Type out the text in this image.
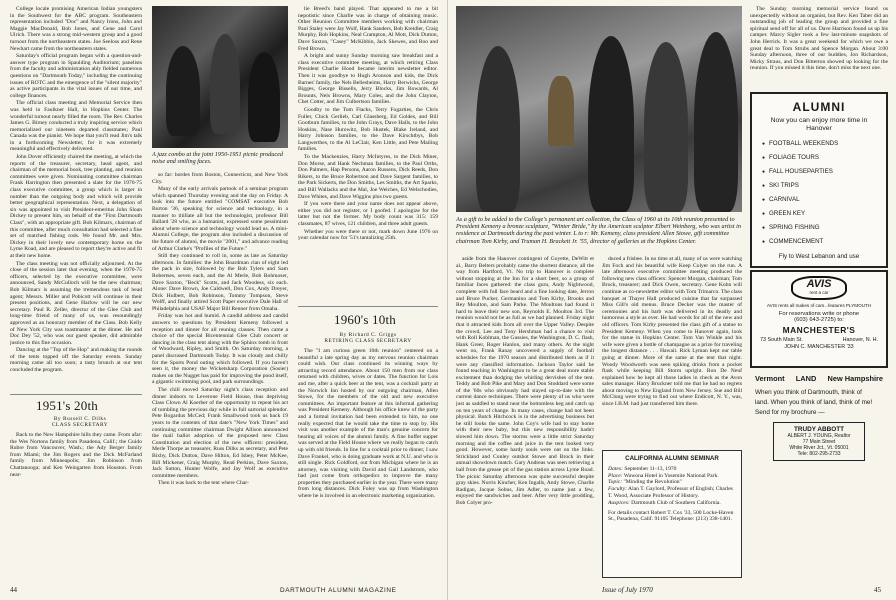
College locale promising American Indian youngsters in the Southwest for the ABC program. Southeastern representation included "Doc" and Nancy Irons, John and Maggie MacDonald, Bob Jones, and Gene and Carol Ulrich. There was a strong mid-western group and a good turnout from the northeastern states. Joe Seeloss and Rene Newhart came from the northeastern states.

Saturday's official program began with a question-and-answer type program in Spaulding Auditorium; panelists from the faculty and administration ably fielded numerous questions on "Dartmouth Today," including the continuing issues of ROTC and the emergence of the "silent majority" as active participants in the vital issues of our time, and college finances.

The official class meeting and Memorial Service then was held in Faulkner Hall, in Hopkins Center. The wonderful turnout nearly filled the room. The Rev. Charles James G. Birney conducted a truly inspiring service which memorialized our nineteen departed classmates; Paul Canada was the pianist. We hope that you'll read Jim's talk in a forthcoming Newsletter, for it was extremely meaningful and effectively delivered.

John Dover efficiently chaired the meeting, at which the reports of the treasurer, secretary, head agent, and chairman of the memorial book, tree planting, and reunion committees were given. Nominating committee chairman Frank Harrington then presented a slate for the 1970-75 class executive committee, a group which is larger in number than the outgoing body and which will provide better geographical representation. Next, a delegation of six was appointed to visit President-emeritus John Sloan Dickey to present him, on behalf of the "First Dartmouth Class", with an appropriate gift. Bob Kilmarx, chairman of this committee, after much consultation had selected a fine set of matched fishing rods. We found Mr. and Mrs. Dickey in their lovely new contemporary home on the Lyme Road, and are pleased to report they're active and fit at their new home.

The class meeting was not officially adjourned. At the close of the session later that evening, when the 1970-75 officers, selected by the executive committee, were announced, Sandy McCulloch will be the new chairman; Bob Kilmarx is assuming the tremendous task of head agent; Messrs. Miller and Pobicott will continue in their present positions, and Gene Harlow will be our new secretary. Paul R. Zeller, director of the Glee Club and long-time friend of many of us, was resoundingly approved as an honorary member of the Class. Bob Kelly of New York City was toastmaster at the dinner. He and Doc Dey '52, who was our guest speaker, did admirable justice to this fine occasion.

Dancing at the "Top of the Hop" and making the rounds of the tents topped off the Saturday events. Sunday morning came all too soon; a tasty brunch at our tent concluded the program.

1951's 20th
By Russell C. Dilks
CLASS SECRETARY

Back to the New Hampshire hills they came. From afar: the Wes Nortons family from Pasadena, Calif.; the Guido Rubre from Vancouver, Wash.; the Ady Berger family from Miami; the Jim Rogers and the Dick McFarland family from Minneapolis; Jim Robinson from Chattanooga; and Ken Weingarten from Houston. From near-

A jazz combo at the joint 1950-1951 picnic produced noise and smiling faces.

so far: hordes from Boston, Connecticut, and New York City.

Many of the early arrivals partook of a seminar program which spanned Thursday evening and the day on Friday. A look into the future entitled "COMSAT executive Bob Burton '36, speaking for science and technology, in a manner to titillate all but the technologist, professor Bill Ballard '28 who, as a humanist, expressed some pessimism about where science and technology would lead us. A mini-Alumni College, the program also included a discussion of the future of alumni, the movie "2001," and advance reading of Arthur Clarke's "Profiles of the Future."

Still they continued to roll in, some as late as Saturday afternoon. In families: the John Boardman clan of eight led the pack in size, followed by the Bob Tylers and Sam Robertses, seven each, and the Al Merle, Bob Rohmoser, Dave Saxton, "Beck" Scotts, and Jack Woodess, six each. Alone: Dave Brown, Joe Caldwell, Don Cox, Andy Dreyer, Dick Hulbert, Bob Robinson, Tommy Tompson, Steve Wolff, and finally attired Scott Paper executive Dale Hall of Philadelphia and USAF Major Bill Renner from Omaha.

Friday was hot and humid. A candid address and candid answers to questions by President Kemeny followed a reception and dinner for all reuning classes. Then came a choice of the special Bicentennial Glee Club concert or dancing in the class tent along with the Sphinx tomb in front of Woodward, Ripley, and Smith. On Saturday morning, a panel discussed Dartmouth Today. It was cloudy and chilly for the Sports Pond outing which followed. If you haven't seen it, the money the Wicketsharp Corporation (Sosier) makes on the Nugget has paid for improving the pond itself, a gigantic swimming pool, and park surroundings.

The chill moved Saturday night's class reception and dinner indoors to Leverone Field House, thus depriving Class Clown Al Koerber of the opportunity to repeat his act of tumbling the previous day while in full sartorial splendor. Pete Bogardus McCed; Frank Smallwood took us back 19 years to the contents of that date's "New York Times" and continuing committee chairman Dwight Allison announced the mail ballot adoption of the proposed new Class Constitution and election of the new officers: president, Merle Thorpe as treasurer, Russ Dilks as secretary, and Pete Bixby, Dick Dutton, Dave Hilton, Ed Isbey, Peter McKee, Bill Mickener, Craig Murphy, Read Perkins, Dave Saxton, Jack Sutton, Hunter Wolfe, and Jay Wolf as executive committee members.

Then it was back to the tent where Char-

lie Breed's band played. That appeared to me a bit nepotistic since Charlie was in charge of obtaining music. Other Reunion Committee members working with chairman Paul Staley were Jay Wolf, Hank Sanders, Bob Kreidler, Craig Murphy, Bob Hopkins, Neal Crampton, Al Mott, Dick Dutton, Dave Saxton, "Casey" McKibbin, Jack Skewes, and Roo and Fred Brown.

A bright and sunny Sunday morning saw breakfast and a class executive committee meeting, at which retiring Class President Charlie Hood became interim newsletter editor. Then it was goodbye to Hugh Aronson and kids, the Dick Barnes' family, the Nels Bellesheims, Harry Berwicks, George Bigges, George Bissells, Jerry Blocks, Jim Bowards, Al Brounts, Nels Browns, Mary Coles, and the John Clayton, Chet Cotter, and Jim Culbertson families.

Goodby to the Tom Flacks, Terry Fogarties, the Chris Fuller, Chick Gerlieb, Carl Glassberg, Ed Goldes, and Bill Gootburn families, to the John Grays, Dave Halls, to the John Hoskins, Nase Hurowitz, Bob Hustek, Blake Ireland, and Harry Johnson families, to the Dave Kirschtbys, Bob Langwerthes, to the Al LeClair, Ken Little, and Pete Mailing families.

To the Mackenzies, Harry McIntyres, to the Dick Miner, Don Morse, and Hank Nechman families, to the Paul Orths, Don Palmers, Hap Persons, Aaron Russens, Dick Reeds, Don Rikers, to the Bruce Robertson and Dave Sargent families, to the Park Sickerts, the Don Smiths, Les Smiths, the Art Sparks, and Bill Wallacks and the Mal, Joe Welches, Ed Welschodies, Dave Whites, and Dave Wiggins plus two guests.

If you were there and your name does not appear above, either you did not register, or I goofed. I apologize for the latter but not the former. My body count was 315: 159 classmates, 87 wives, 121 children, and three adult guests.

Whether you were there or not, mark down June 1976 on your calendar now for '51's tantalizing 25th.

1960's 10th
By Richard C. Griggs
RETIRING CLASS SECRETARY

The "I am curious green 10th reunion" centered on a beautiful a late spring day as my nervous reunion chairman could wish. Our class continued its winning ways by attracting record attendance. About 150 men from our class returned with children, wives or dates. The function for Lois and me, after a quick beer at the tent, was a cocktail party at the Norwich Inn hosted by our outgoing chairman, Allen Stowe, for the members of the old and new executive committees. An important feature at this informal gathering was President Kemeny. Although his office knew of the party and a formal invitation had been extended to him, no one really expected that he would take the time to stop by. His visit was another example of the man's genuine concern for hearing all voices of the alumni family. A fine buffet supper was served at the Field House where we really began to catch up with old friends. In line for a cocktail prior to dinner, I saw Dave Frankel, who is doing graduate work at N.U. and who is still single. Rick Goldford, out from Michigan where he is an attorney, was visiting with David and Gail Landstrom, who had just come from orthopedics to improve the many properties they purchased earlier in the year. There were many from long distances. Dick Foley was up from Washington where he is involved in an electronic marketing organization.

44	DARTMOUTH ALUMNI MAGAZINE
As a gift to be added to the College's permanent art collection, the Class of 1960 at its 10th reunion presented to President Kemeny a bronze sculpture, "Winter Bride," by the American sculptor Elbert Weinberg, who was artist in residence at Dartmouth during the past winter. L to r: Mr. Kemeny, class president Allen Stowe, gift committee chairman Tom Kirby, and Truman H. Brackett Jr. '55, director of galleries at the Hopkins Center.

aside from the Hanover contingent of Goyette, DeWitt et al., Barry Belters probably came the shortest distance, all the way from Hartford, Vt. No trip to Hanover is complete without stopping at the Inn for a short beer, so a group of familiar faces gathered: the class guru, Andy Nightwood, complete with full face beard and a fine looking date, Jerron and Bruce Pucker, Germanino and Tom Kirby, Brooks and Rey Moulton, and Sam Parke. The Moultons had found it hard to leave their new son, Reynolds E. Moulton 3rd. The reunion would not be as full as we had planned. Friday night that it attracted kids from all over the Upper Valley. Despite the crowd, Lee and Tony Hershman had a chance to visit with Roll Kohlman, the Gussies, the Washington, D. C. flash, Hank Greer, Roger Hanlon, and many others. At the night went on, Frank Ranay uncovered a supply of football schedules for the 1970 season and distributed them as if it were any classified information. Jackson Taylor said he found teaching in Washington to be a great deal more stable excitement than dodging the whirling dervishes of the tent. Teddy and Bob Pike and Mary and Don Stoddard were some of the '60s who obviously had stayed up-to-date with the current dance techniques. There were plenty of us who were just as saddled to stand near the bottomless keg and catch up on ten years of change. In many cases, change had not been physical. Butch Hitchcock is in the advertising business but he still looks the same. John Coy's wife had to stay home with their new baby, but this new responsibility hadn't slowed him down. The storms were a little strict Saturday morning and the coffee and juice in the tent looked very good. However, some hardy souls were out on the links. Strickland and Conley outshot Stowe and Brock in their annual showdown match. Gary Andreas was seen retrieving a ball from the grease pit of the gas station across Lyme Road. The picnic Saturday afternoon was quite successful despite gray skies. Norris Kincher, Ken Ingalls, Andy Stowe, Charlie Radigan, Jacque Sobus, Jim Adler, to name just a few, enjoyed the sandwiches and beer. After very little prodding, Bob Colyer pro-

duced a frisbee. In no time at all, many of us were watching Jim Foch and his beautiful wife Keep Colyer on the run. A late afternoon executive committee meeting produced the following new class officers: Spencer Morgan, chairman; Tom Brock, treasurer; and Dick Owen, secretary. Gene Kohn will continue as co-newsletter editor with Tom Trimarco. The class banquet at Thayer Hall produced cuisine that far surpassed Miss Gill's old menus. Bruce Decker was the master of ceremonies and his barb was delivered in its deadly and humorous a style as ever. He had words for all of the new and old officers. Tom Kirby presented the class gift of a statue to President Kemeny. When you come to Hanover again, look for the statue in Hopkins Center. Tom Van Winkle and his wife were given a bottle of champagne as a prize for traveling the longest distance . . . Hawaii. Rick Lyman kept our table going at dinner. More of the same at the tent that night. Woody Woodworth was seen spiking drinks from a pocket flask while keeping Bill Storm upright. Ron De Neuf explained how he kept all those ladies in check as the Avon sales manager. Harry Bruckner told me that he had no regrets about moving to New England from New Jersey. Sue and Bill McClung were trying to find out where Endicott, N. Y., was, since I.B.M. had just transferred him there.

CALIFORNIA ALUMNI SEMINAR
Dates: September 11-13, 1970
Place: Wawona Hotel in Yosemite National Park.
Topic: "Minding the Revolution"
Faculty: Alan T. Gaylord, Professor of English; Charles T. Wood, Associate Professor of History.
Auspices: Dartmouth Club of Southern California.
For details contact Robert T. Cox '33, 500 Locke-Haven St., Pasadena, Calif. 91105 Telephone: (213) 338-1401.

The Sunday morning memorial service found us unexpectedly without an organist, but Rev. Ken Taber did an outstanding job of leading the group and provided a fine spiritual send off for all of us. Dave Harrison found us up his camper. Marcy Sigler took a few last-minute snapshots of John Herrick. It was a great weekend for which we owe a great deal to Tom Strubs and Spence Morgan. About 3:00 Sunday afternoon, three of our buddies, Jon Richardson, Micky Straus, and Don Bitterton showed up looking for the reunion. If you missed it this time, don't miss the next one.

ALUMNI
Now you can enjoy more time in Hanover
● FOOTBALL WEEKENDS
● FOLIAGE TOURS
● FALL HOUSEPARTIES
● SKI TRIPS
● CARNIVAL
● GREEN KEY
● SPRING FISHING
● COMMENCEMENT
Fly to West Lebanon and use
AVIS
rent a car
AVIS rents all makes of cars...features PLYMOUTH
For reservations write or phone
(603) 643-2725) to:
MANCHESTER'S
73 South Main St.	Hanover, N. H.
JOHN C. MANCHESTER '33
Vermont LAND New Hampshire
When you think of Dartmouth, think of
land. When you think of land, think of me!
Send for my brochure —
TRUDY ABBOTT
ALBERT J. YOUNG, Realtor
77 Main Street
White River Jct., Vt. 05001
Tele: 802-295-2733
Issue of July 1970	45
